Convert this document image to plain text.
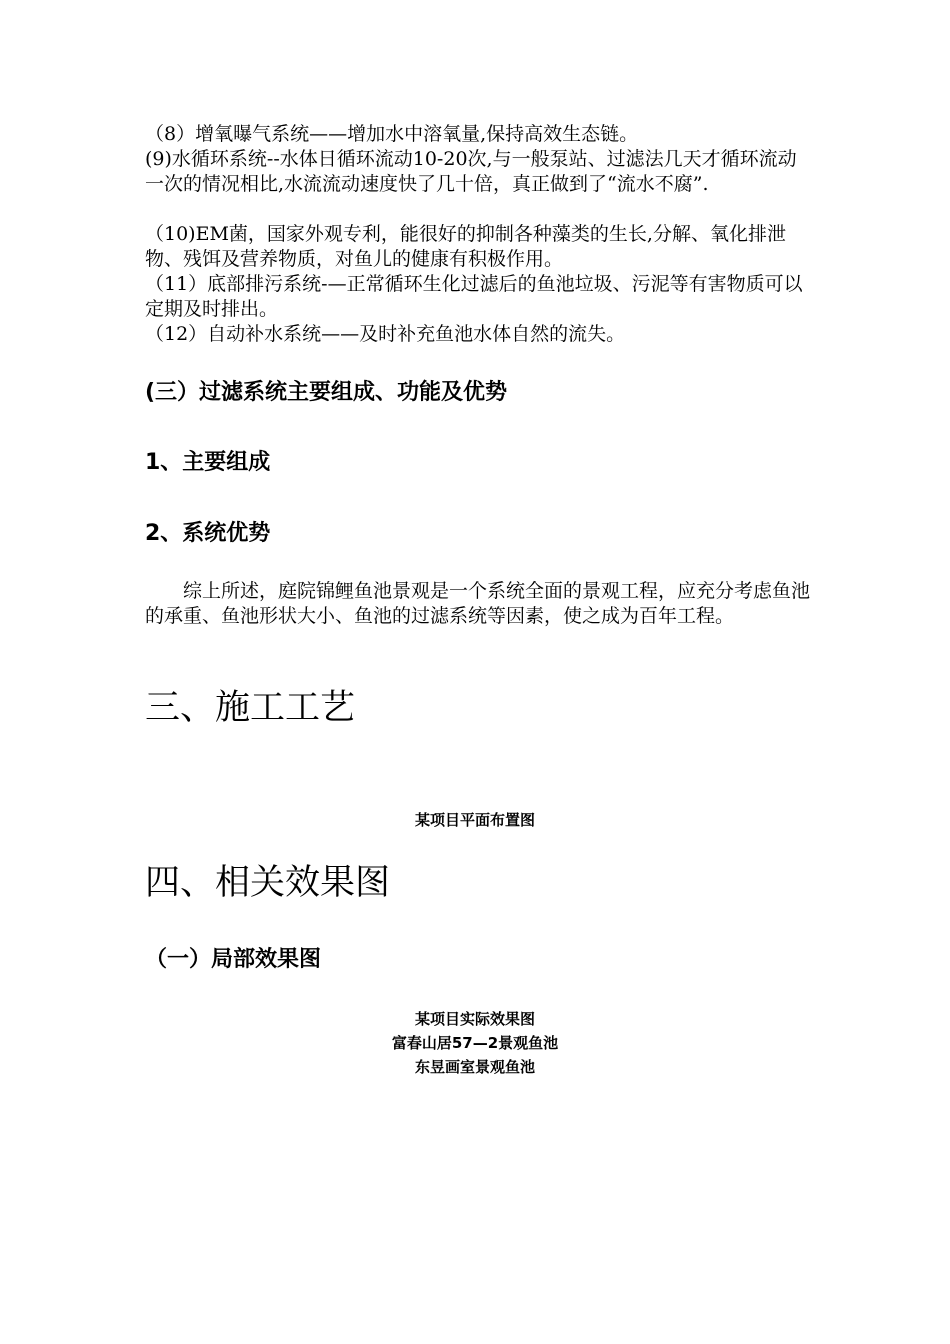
（8）增氧曝气系统——增加水中溶氧量,保持高效生态链。

(9)水循环系统--水体日循环流动10-20次,与一般泵站、过滤法几天才循环流动一次的情况相比,水流流动速度快了几十倍，真正做到了“流水不腐”.

（10)EM菌，国家外观专利，能很好的抑制各种藻类的生长,分解、氧化排泄物、残饵及营养物质，对鱼儿的健康有积极作用。

（11）底部排污系统-—正常循环生化过滤后的鱼池垃圾、污泥等有害物质可以定期及时排出。

（12）自动补水系统——及时补充鱼池水体自然的流失。

(三）过滤系统主要组成、功能及优势
1、主要组成
2、系统优势

综上所述，庭院锦鲤鱼池景观是一个系统全面的景观工程，应充分考虑鱼池的承重、鱼池形状大小、鱼池的过滤系统等因素，使之成为百年工程。

三、施工工艺

某项目平面布置图

四、相关效果图
（一）局部效果图

某项目实际效果图

富春山居57—2景观鱼池

东昱画室景观鱼池
